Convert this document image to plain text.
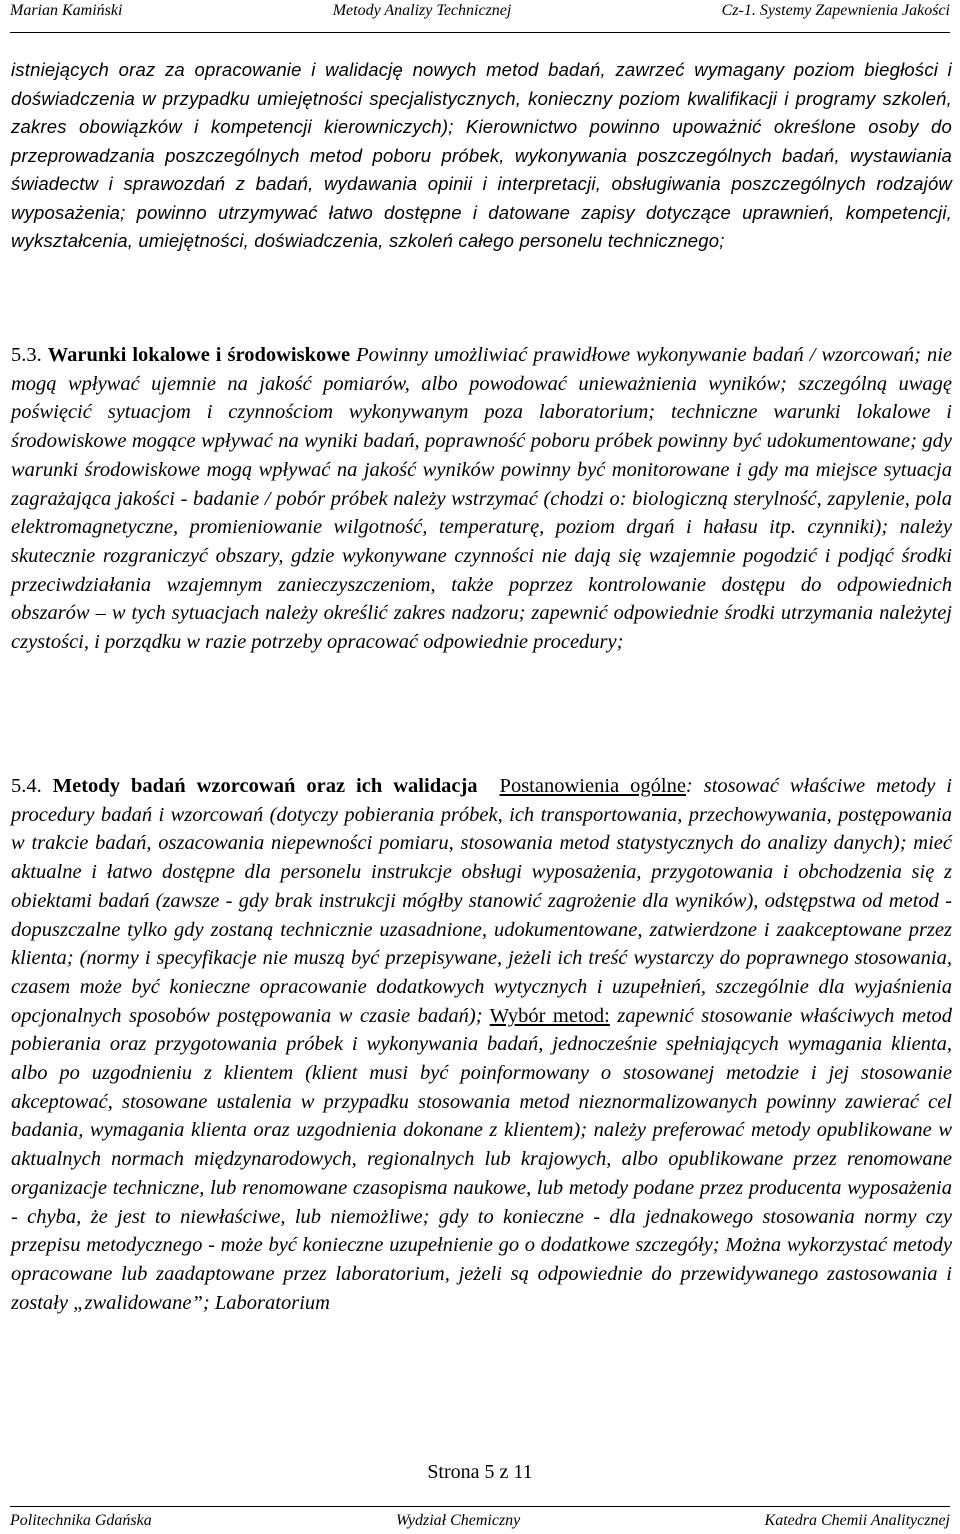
Marian Kamiński	Metody Analizy Technicznej	Cz-1. Systemy Zapewnienia Jakości
istniejących oraz za opracowanie i walidację nowych metod badań, zawrzeć wymagany poziom biegłości i doświadczenia w przypadku umiejętności specjalistycznych, konieczny poziom kwalifikacji i programy szkoleń, zakres obowiązków i kompetencji kierowniczych); Kierownictwo powinno upoważnić określone osoby do przeprowadzania poszczególnych metod poboru próbek, wykonywania poszczególnych badań, wystawiania świadectw i sprawozdań z badań, wydawania opinii i interpretacji, obsługiwania poszczególnych rodzajów wyposażenia; powinno utrzymywać łatwo dostępne i datowane zapisy dotyczące uprawnień, kompetencji, wykształcenia, umiejętności, doświadczenia, szkoleń całego personelu technicznego;
5.3. Warunki lokalowe i środowiskowe Powinny umożliwiać prawidłowe wykonywanie badań / wzorcowań; nie mogą wpływać ujemnie na jakość pomiarów, albo powodować unieważnienia wyników; szczególną uwagę poświęcić sytuacjom i czynnościom wykonywanym poza laboratorium; techniczne warunki lokalowe i środowiskowe mogące wpływać na wyniki badań, poprawność poboru próbek powinny być udokumentowane; gdy warunki środowiskowe mogą wpływać na jakość wyników powinny być monitorowane i gdy ma miejsce sytuacja zagrażająca jakości - badanie / pobór próbek należy wstrzymać (chodzi o: biologiczną sterylność, zapylenie, pola elektromagnetyczne, promieniowanie wilgotność, temperaturę, poziom drgań i hałasu itp. czynniki); należy skutecznie rozgraniczyć obszary, gdzie wykonywane czynności nie dają się wzajemnie pogodzić i podjąć środki przeciwdziałania wzajemnym zanieczyszczeniom, także poprzez kontrolowanie dostępu do odpowiednich obszarów – w tych sytuacjach należy określić zakres nadzoru; zapewnić odpowiednie środki utrzymania należytej czystości, i porządku w razie potrzeby opracować odpowiednie procedury;
5.4. Metody badań wzorcowań oraz ich walidacja Postanowienia ogólne: stosować właściwe metody i procedury badań i wzorcowań (dotyczy pobierania próbek, ich transportowania, przechowywania, postępowania w trakcie badań, oszacowania niepewności pomiaru, stosowania metod statystycznych do analizy danych); mieć aktualne i łatwo dostępne dla personelu instrukcje obsługi wyposażenia, przygotowania i obchodzenia się z obiektami badań (zawsze - gdy brak instrukcji mógłby stanowić zagrożenie dla wyników), odstępstwa od metod - dopuszczalne tylko gdy zostaną technicznie uzasadnione, udokumentowane, zatwierdzone i zaakceptowane przez klienta; (normy i specyfikacje nie muszą być przepisywane, jeżeli ich treść wystarczy do poprawnego stosowania, czasem może być konieczne opracowanie dodatkowych wytycznych i uzupełnień, szczególnie dla wyjaśnienia opcjonalnych sposobów postępowania w czasie badań); Wybór metod: zapewnić stosowanie właściwych metod pobierania oraz przygotowania próbek i wykonywania badań, jednocześnie spełniających wymagania klienta, albo po uzgodnieniu z klientem (klient musi być poinformowany o stosowanej metodzie i jej stosowanie akceptować, stosowane ustalenia w przypadku stosowania metod nieznormalizowanych powinny zawierać cel badania, wymagania klienta oraz uzgodnienia dokonane z klientem); należy preferować metody opublikowane w aktualnych normach międzynarodowych, regionalnych lub krajowych, albo opublikowane przez renomowane organizacje techniczne, lub renomowane czasopisma naukowe, lub metody podane przez producenta wyposażenia - chyba, że jest to niewłaściwe, lub niemożliwe; gdy to konieczne - dla jednakowego stosowania normy czy przepisu metodycznego - może być konieczne uzupełnienie go o dodatkowe szczegóły; Można wykorzystać metody opracowane lub zaadaptowane przez laboratorium, jeżeli są odpowiednie do przewidywanego zastosowania i zostały „zwalidowane”; Laboratorium
Strona 5 z 11
Politechnika Gdańska	Wydział Chemiczny	Katedra Chemii Analitycznej
